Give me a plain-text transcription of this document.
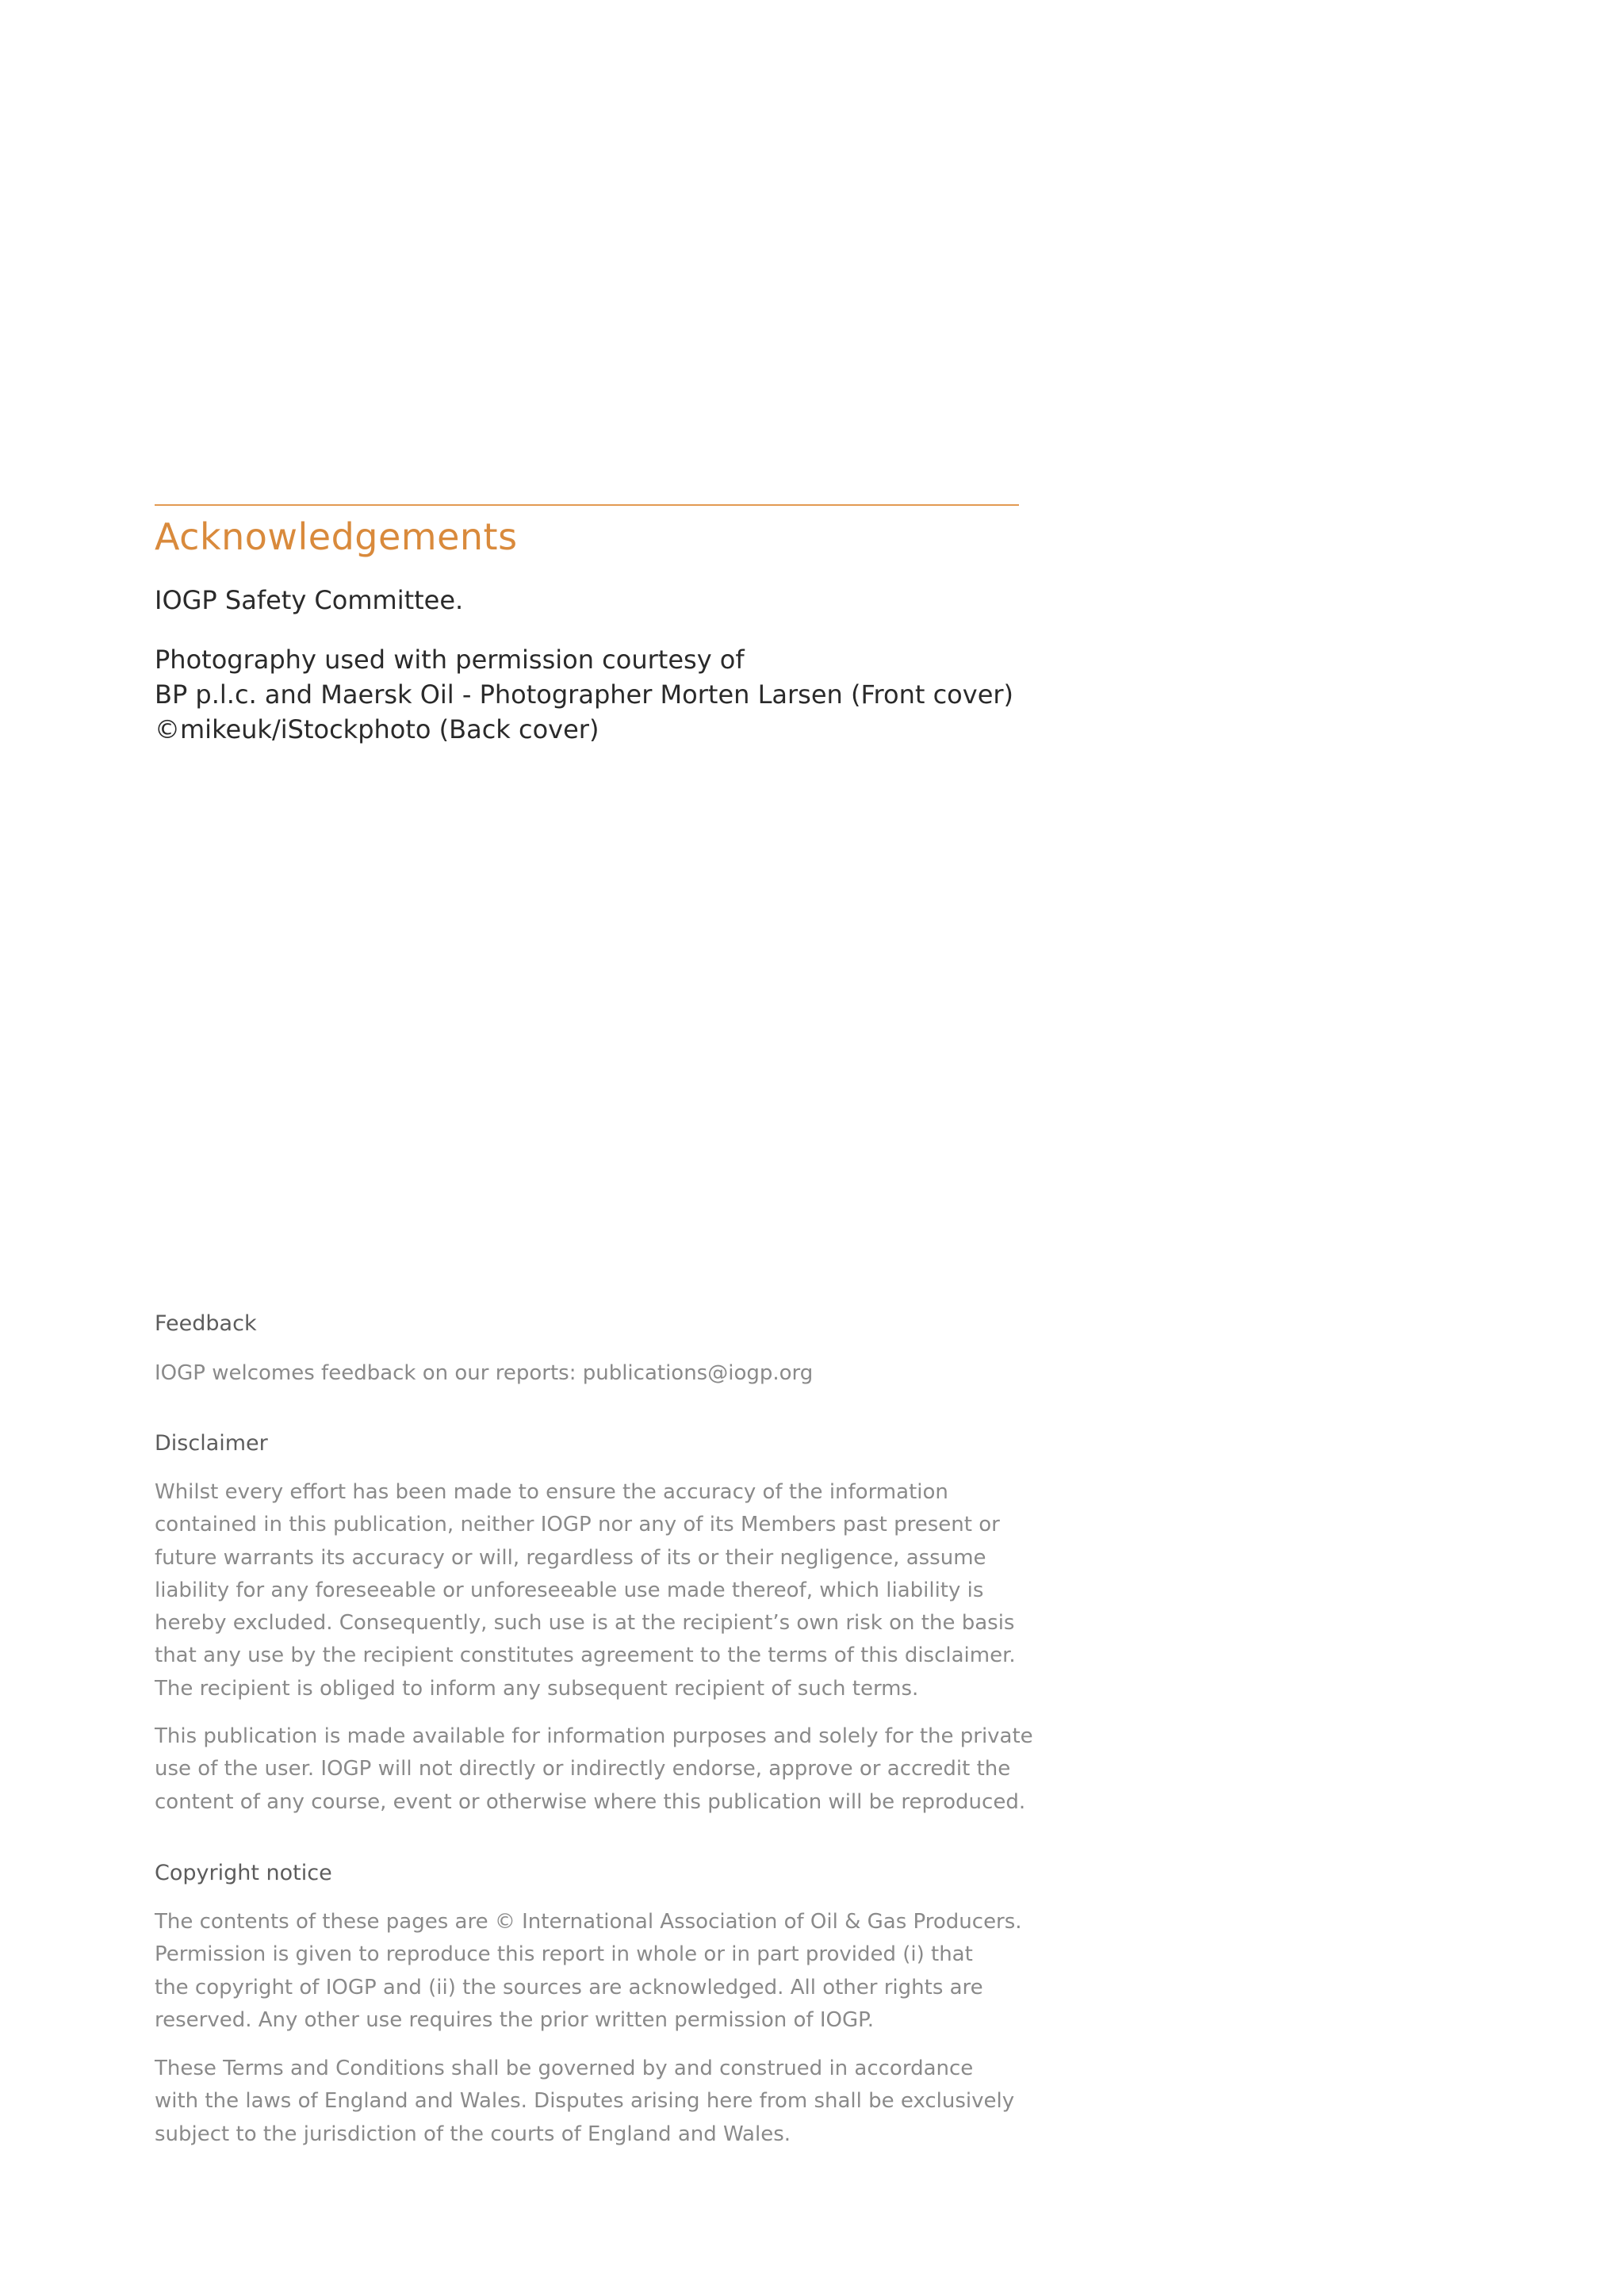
Acknowledgements

IOGP Safety Committee.

Photography used with permission courtesy of
BP p.l.c. and Maersk Oil - Photographer Morten Larsen (Front cover)
©mikeuk/iStockphoto (Back cover)

Feedback

IOGP welcomes feedback on our reports: publications@iogp.org

Disclaimer

Whilst every effort has been made to ensure the accuracy of the information
contained in this publication, neither IOGP nor any of its Members past present or
future warrants its accuracy or will, regardless of its or their negligence, assume
liability for any foreseeable or unforeseeable use made thereof, which liability is
hereby excluded. Consequently, such use is at the recipient’s own risk on the basis
that any use by the recipient constitutes agreement to the terms of this disclaimer.
The recipient is obliged to inform any subsequent recipient of such terms.

This publication is made available for information purposes and solely for the private
use of the user. IOGP will not directly or indirectly endorse, approve or accredit the
content of any course, event or otherwise where this publication will be reproduced.

Copyright notice

The contents of these pages are © International Association of Oil & Gas Producers.
Permission is given to reproduce this report in whole or in part provided (i) that
the copyright of IOGP and (ii) the sources are acknowledged. All other rights are
reserved. Any other use requires the prior written permission of IOGP.

These Terms and Conditions shall be governed by and construed in accordance
with the laws of England and Wales. Disputes arising here from shall be exclusively
subject to the jurisdiction of the courts of England and Wales.
